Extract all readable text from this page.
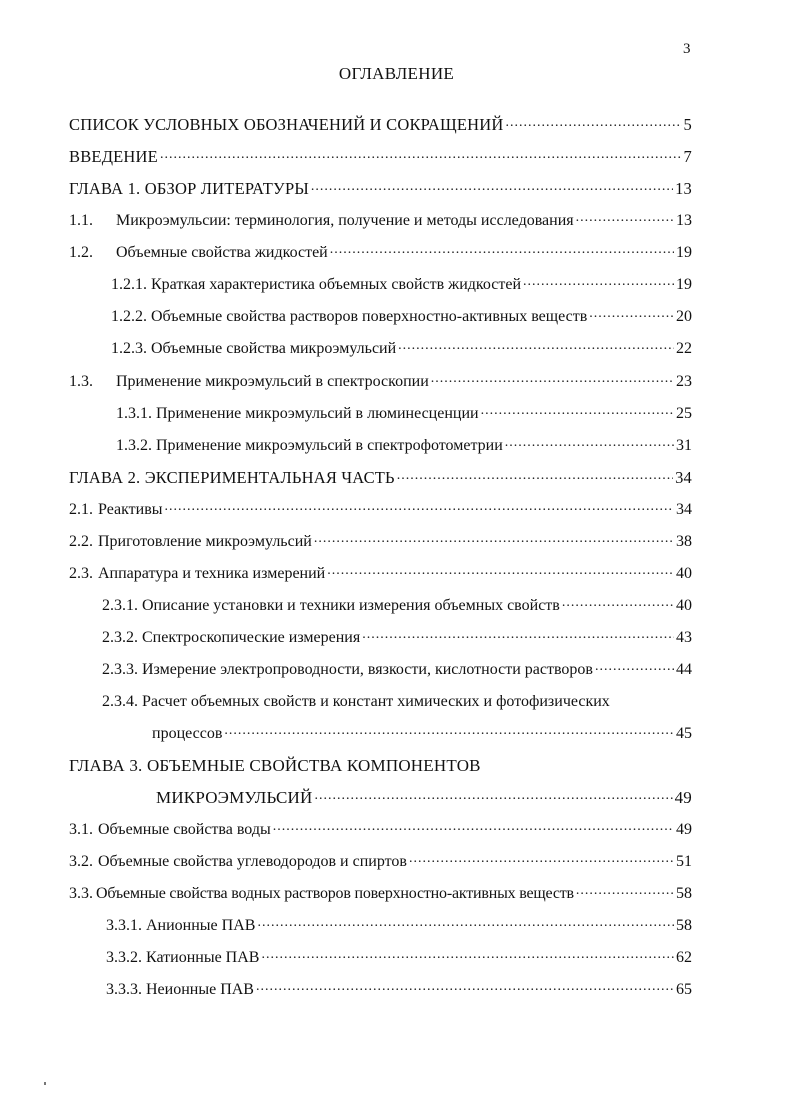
3
ОГЛАВЛЕНИЕ
СПИСОК УСЛОВНЫХ ОБОЗНАЧЕНИЙ И СОКРАЩЕНИЙ .....	5
ВВЕДЕНИЕ .....	7
ГЛАВА 1. ОБЗОР ЛИТЕРАТУРЫ .....	13
1.1.	Микроэмульсии: терминология, получение и методы исследования .....	13
1.2.	Объемные свойства жидкостей .....	19
1.2.1. Краткая характеристика объемных свойств жидкостей .....	19
1.2.2. Объемные свойства растворов поверхностно-активных веществ .....	20
1.2.3. Объемные свойства микроэмульсий .....	22
1.3.	Применение микроэмульсий в спектроскопии .....	23
1.3.1. Применение микроэмульсий в люминесценции .....	25
1.3.2. Применение микроэмульсий в спектрофотометрии .....	31
ГЛАВА 2. ЭКСПЕРИМЕНТАЛЬНАЯ ЧАСТЬ .....	34
2.1. Реактивы .....	34
2.2. Приготовление микроэмульсий .....	38
2.3. Аппаратура и техника измерений .....	40
2.3.1. Описание установки и техники измерения объемных свойств .....	40
2.3.2. Спектроскопические измерения .....	43
2.3.3. Измерение электропроводности, вязкости, кислотности растворов .....	44
2.3.4. Расчет объемных свойств и констант химических и фотофизических
процессов .....	45
ГЛАВА 3. ОБЪЕМНЫЕ СВОЙСТВА КОМПОНЕНТОВ
МИКРОЭМУЛЬСИЙ .....	49
3.1. Объемные свойства воды .....	49
3.2. Объемные свойства углеводородов и спиртов .....	51
3.3. Объемные свойства водных растворов поверхностно-активных веществ .....	58
3.3.1. Анионные ПАВ .....	58
3.3.2. Катионные ПАВ .....	62
3.3.3. Неионные ПАВ .....	65
